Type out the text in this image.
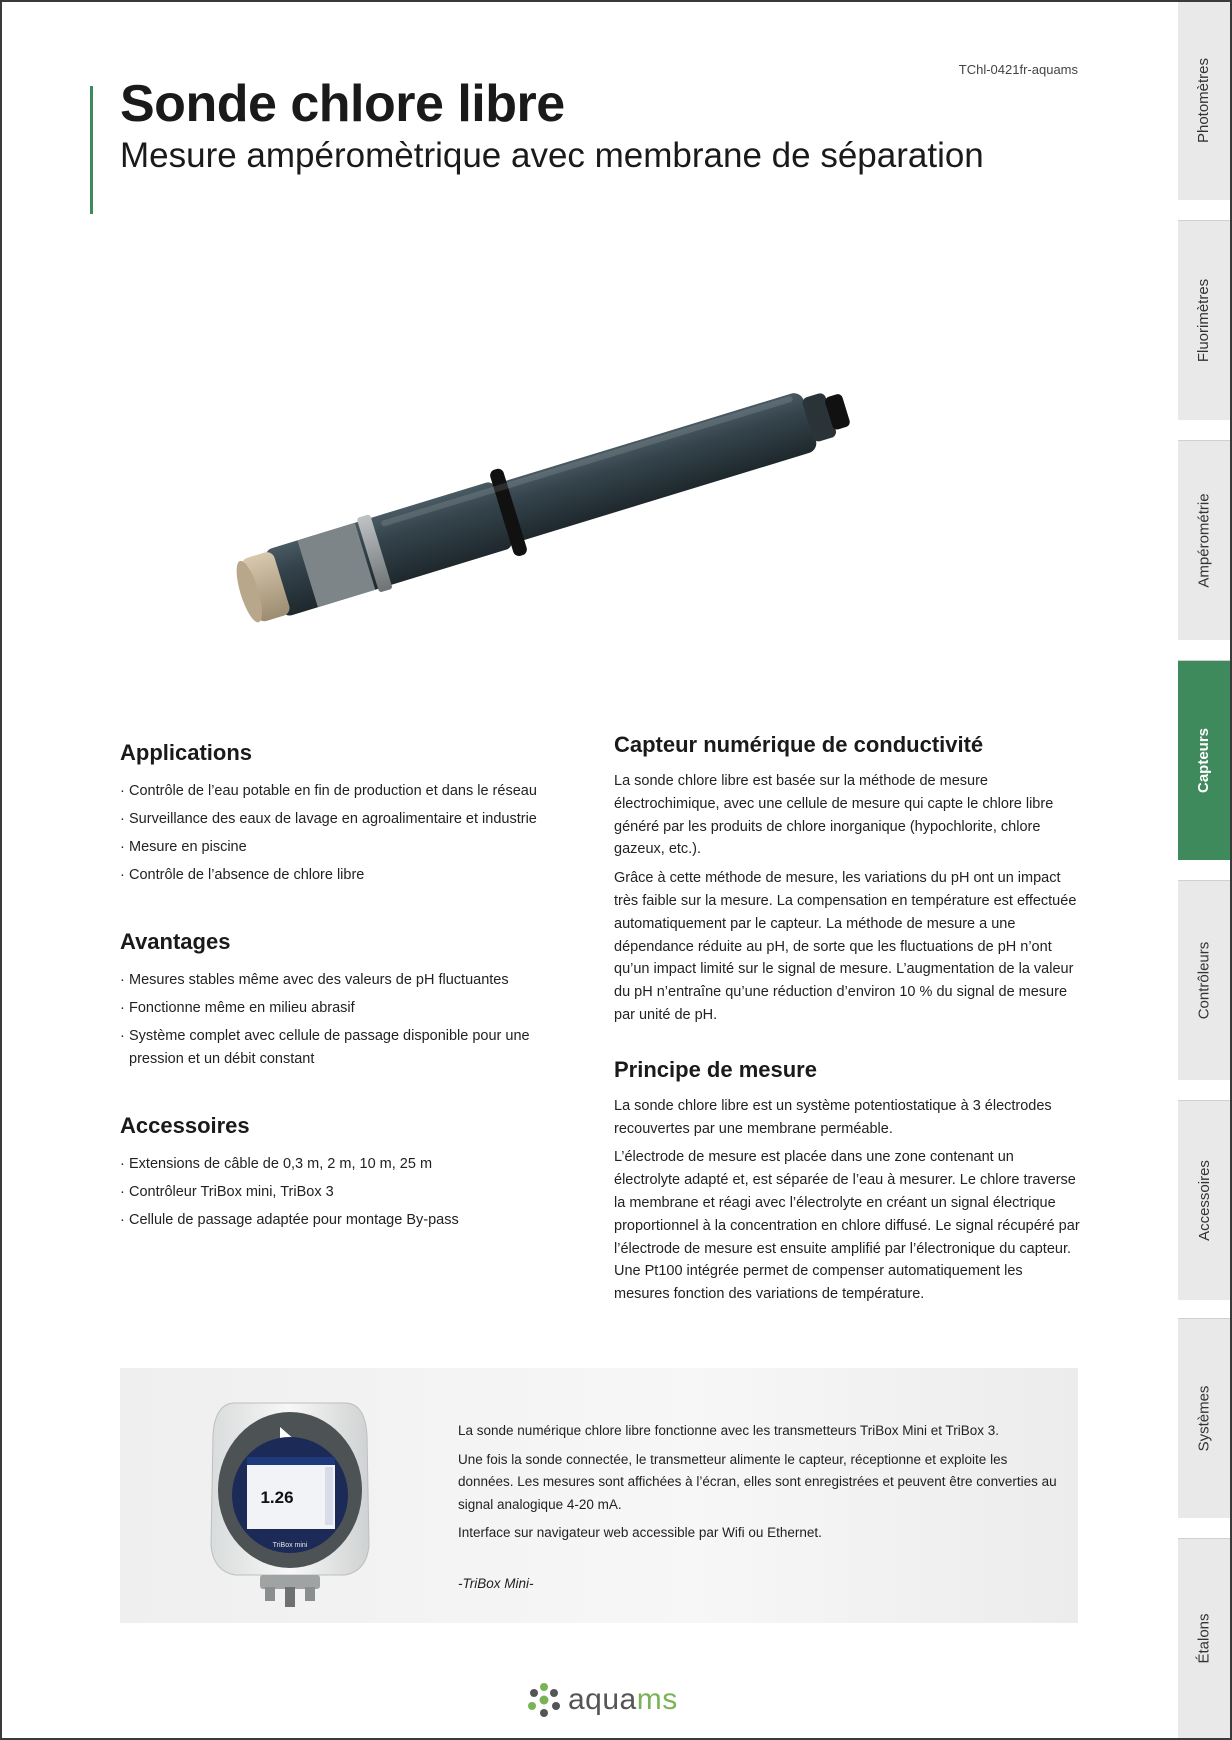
TChl-0421fr-aquams
Sonde chlore libre
Mesure ampéromètrique avec membrane de séparation
Applications
· Contrôle de l’eau potable en fin de production et dans le réseau
· Surveillance des eaux de lavage en agroalimentaire et industrie
· Mesure en piscine
· Contrôle de l’absence de chlore libre
Avantages
· Mesures stables même avec des valeurs de pH fluctuantes
· Fonctionne même en milieu abrasif
· Système complet avec cellule de passage disponible pour une pression et un débit constant
Accessoires
· Extensions de câble de 0,3 m, 2 m, 10 m, 25 m
· Contrôleur TriBox mini, TriBox 3
· Cellule de passage adaptée pour montage By-pass
Capteur numérique de conductivité

La sonde chlore libre est basée sur la méthode de mesure électrochimique, avec une cellule de mesure qui capte le chlore libre généré par les produits de chlore inorganique (hypochlorite, chlore gazeux, etc.).

Grâce à cette méthode de mesure, les variations du pH ont un impact très faible sur la mesure. La compensation en température est effectuée automatiquement par le capteur. La méthode de mesure a une dépendance réduite au pH, de sorte que les fluctuations de pH n’ont qu’un impact limité sur le signal de mesure. L’augmentation de la valeur du pH n’entraîne qu’une réduction d’environ 10 % du signal de mesure par unité de pH.

Principe de mesure

La sonde chlore libre est un système potentiostatique à 3 électrodes recouvertes par une membrane perméable.

L’électrode de mesure est placée dans une zone contenant un électrolyte adapté et, est séparée de l’eau à mesurer. Le chlore traverse la membrane et réagi avec l’électrolyte en créant un signal électrique proportionnel à la concentration en chlore diffusé. Le signal récupéré par l’électrode de mesure est ensuite amplifié par l’électronique du capteur. Une Pt100 intégrée permet de compenser automatiquement les mesures fonction des variations de température.

1.26
TriBox mini

La sonde numérique chlore libre fonctionne avec les transmetteurs TriBox Mini et TriBox 3.

Une fois la sonde connectée, le transmetteur alimente le capteur, réceptionne et exploite les données. Les mesures sont affichées à l’écran, elles sont enregistrées et peuvent être converties au signal analogique 4-20 mA.

Interface sur navigateur web accessible par Wifi ou Ethernet.

-TriBox Mini-

Photomètres
Fluorimètres
Ampérométrie
Capteurs
Contrôleurs
Accessoires
Systèmes
Étalons
aquams
